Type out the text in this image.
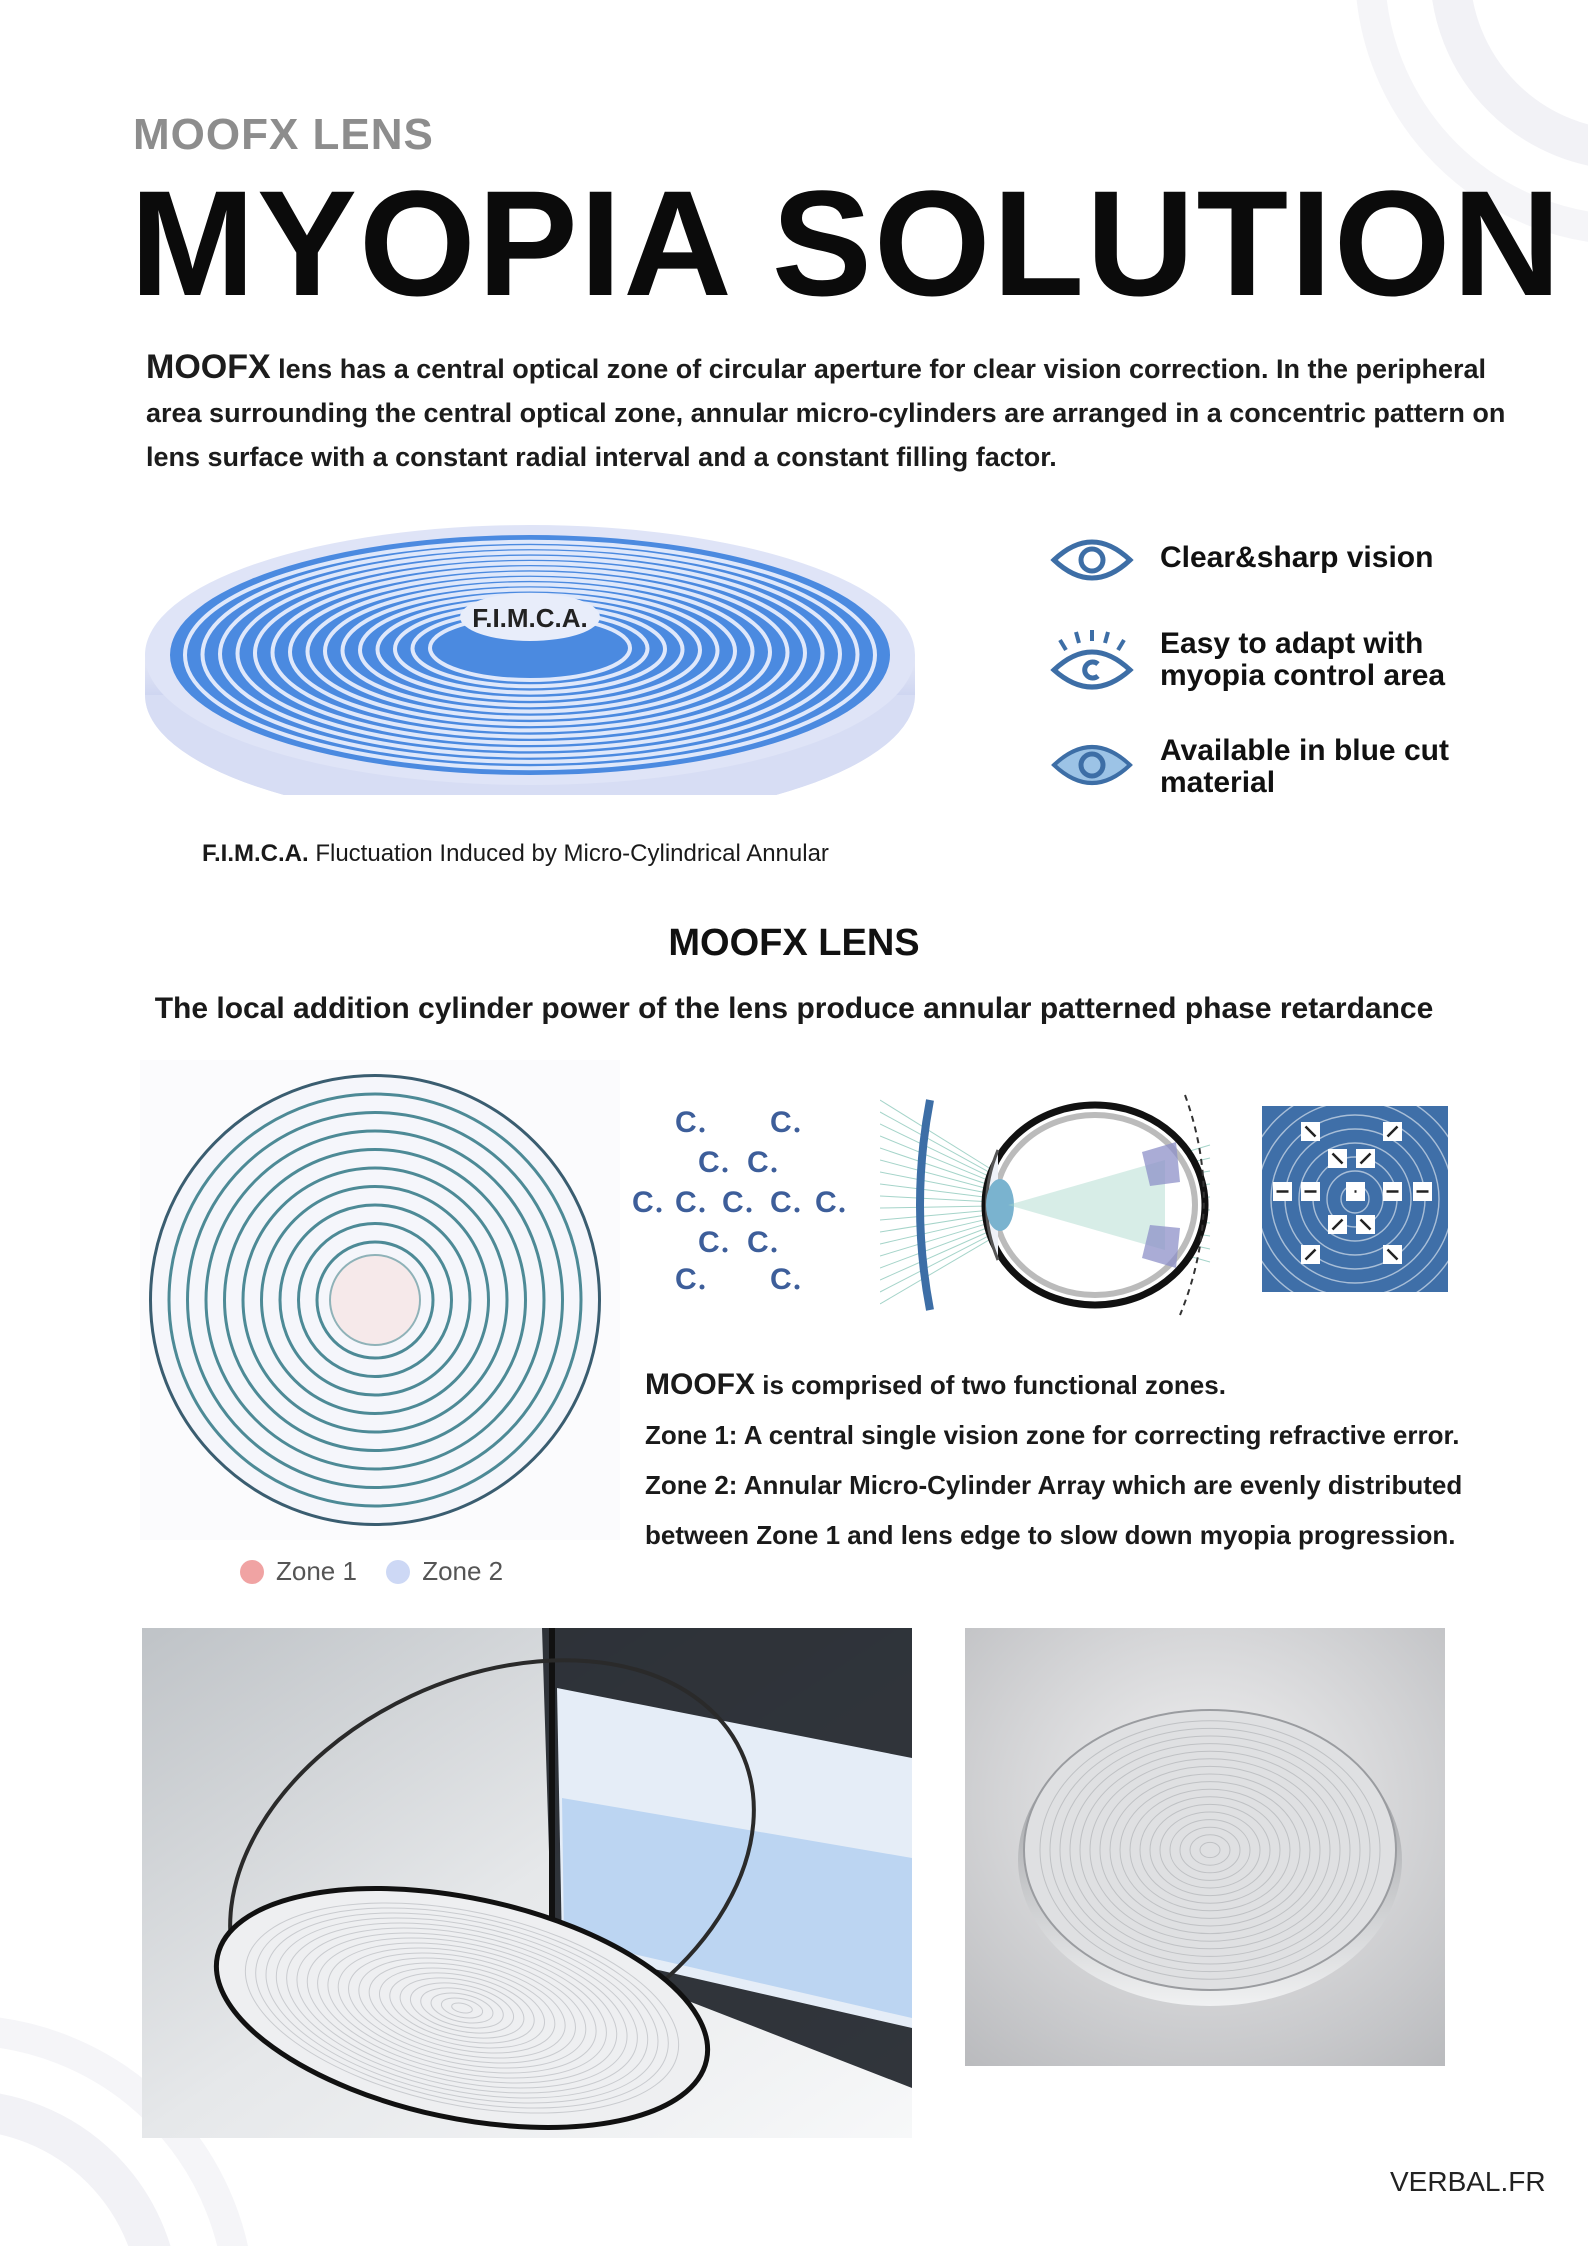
MOOFX LENS
MYOPIA SOLUTION
MOOFX lens has a central optical zone of circular aperture for clear vision correction. In the peripheral area surrounding the central optical zone, annular micro-cylinders are arranged in a concentric pattern on lens surface with a constant radial interval and a constant filling factor.
F.I.M.C.A.
F.I.M.C.A. Fluctuation Induced by Micro-Cylindrical Annular
Clear&sharp vision
Easy to adapt with myopia control area
Available in blue cut material
MOOFX LENS
The local addition cylinder power of the lens produce annular patterned phase retardance
Zone 1	Zone 2
C C
C C
C C C C C
C C
C C
MOOFX is comprised of two functional zones.
Zone 1: A central single vision zone for correcting refractive error.
Zone 2: Annular Micro-Cylinder Array which are evenly distributed
between Zone 1 and lens edge to slow down myopia progression.
VERBAL.FR
